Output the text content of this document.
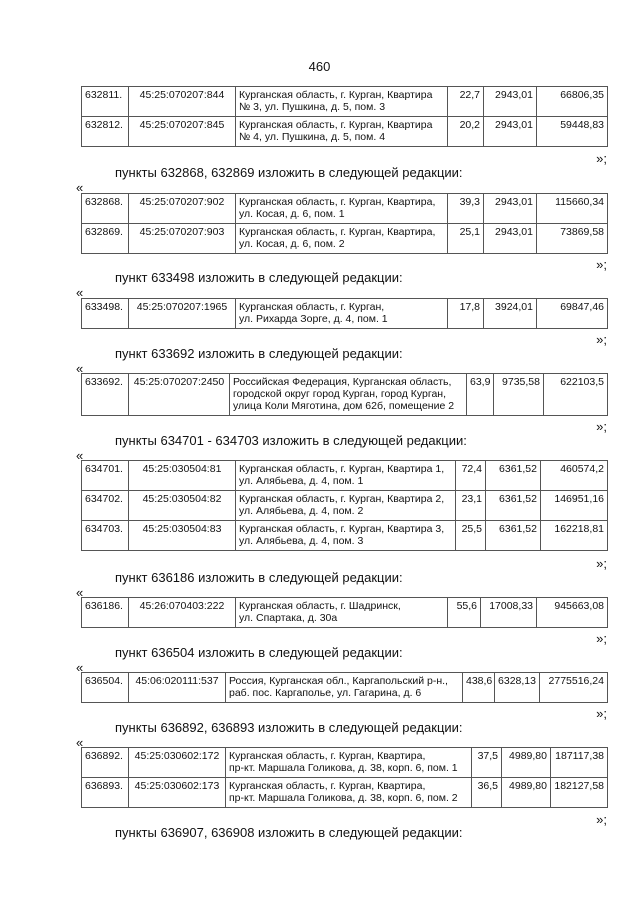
460
632811.	45:25:070207:844	Курганская область, г. Курган, Квартира
№ 3, ул. Пушкина, д. 5, пом. 3	22,7	2943,01	66806,35
632812.	45:25:070207:845	Курганская область, г. Курган, Квартира
№ 4, ул. Пушкина, д. 5, пом. 4	20,2	2943,01	59448,83
»;
пункты 632868, 632869 изложить в следующей редакции:
«
632868.	45:25:070207:902	Курганская область, г. Курган, Квартира,
ул. Косая, д. 6, пом. 1	39,3	2943,01	115660,34
632869.	45:25:070207:903	Курганская область, г. Курган, Квартира,
ул. Косая, д. 6, пом. 2	25,1	2943,01	73869,58
»;
пункт 633498 изложить в следующей редакции:
«
633498.	45:25:070207:1965	Курганская область, г. Курган,
ул. Рихарда Зорге, д. 4, пом. 1	17,8	3924,01	69847,46
»;
пункт 633692 изложить в следующей редакции:
«
633692.	45:25:070207:2450	Российская Федерация, Курганская область,
городской округ город Курган, город Курган,
улица Коли Мяготина, дом 62б, помещение 2	63,9	9735,58	622103,5
»;
пункты 634701 - 634703 изложить в следующей редакции:
«
634701.	45:25:030504:81	Курганская область, г. Курган, Квартира 1,
ул. Алябьева, д. 4, пом. 1	72,4	6361,52	460574,2
634702.	45:25:030504:82	Курганская область, г. Курган, Квартира 2,
ул. Алябьева, д. 4, пом. 2	23,1	6361,52	146951,16
634703.	45:25:030504:83	Курганская область, г. Курган, Квартира 3,
ул. Алябьева, д. 4, пом. 3	25,5	6361,52	162218,81
»;
пункт 636186 изложить в следующей редакции:
«
636186.	45:26:070403:222	Курганская область, г. Шадринск,
ул. Спартака, д. 30а	55,6	17008,33	945663,08
»;
пункт 636504 изложить в следующей редакции:
«
636504.	45:06:020111:537	Россия, Курганская обл., Каргапольский р-н.,
раб. пос. Каргаполье, ул. Гагарина, д. 6	438,6	6328,13	2775516,24
»;
пункты 636892, 636893 изложить в следующей редакции:
«
636892.	45:25:030602:172	Курганская область, г. Курган, Квартира,
пр-кт. Маршала Голикова, д. 38, корп. 6, пом. 1	37,5	4989,80	187117,38
636893.	45:25:030602:173	Курганская область, г. Курган, Квартира,
пр-кт. Маршала Голикова, д. 38, корп. 6, пом. 2	36,5	4989,80	182127,58
»;
пункты 636907, 636908 изложить в следующей редакции:
